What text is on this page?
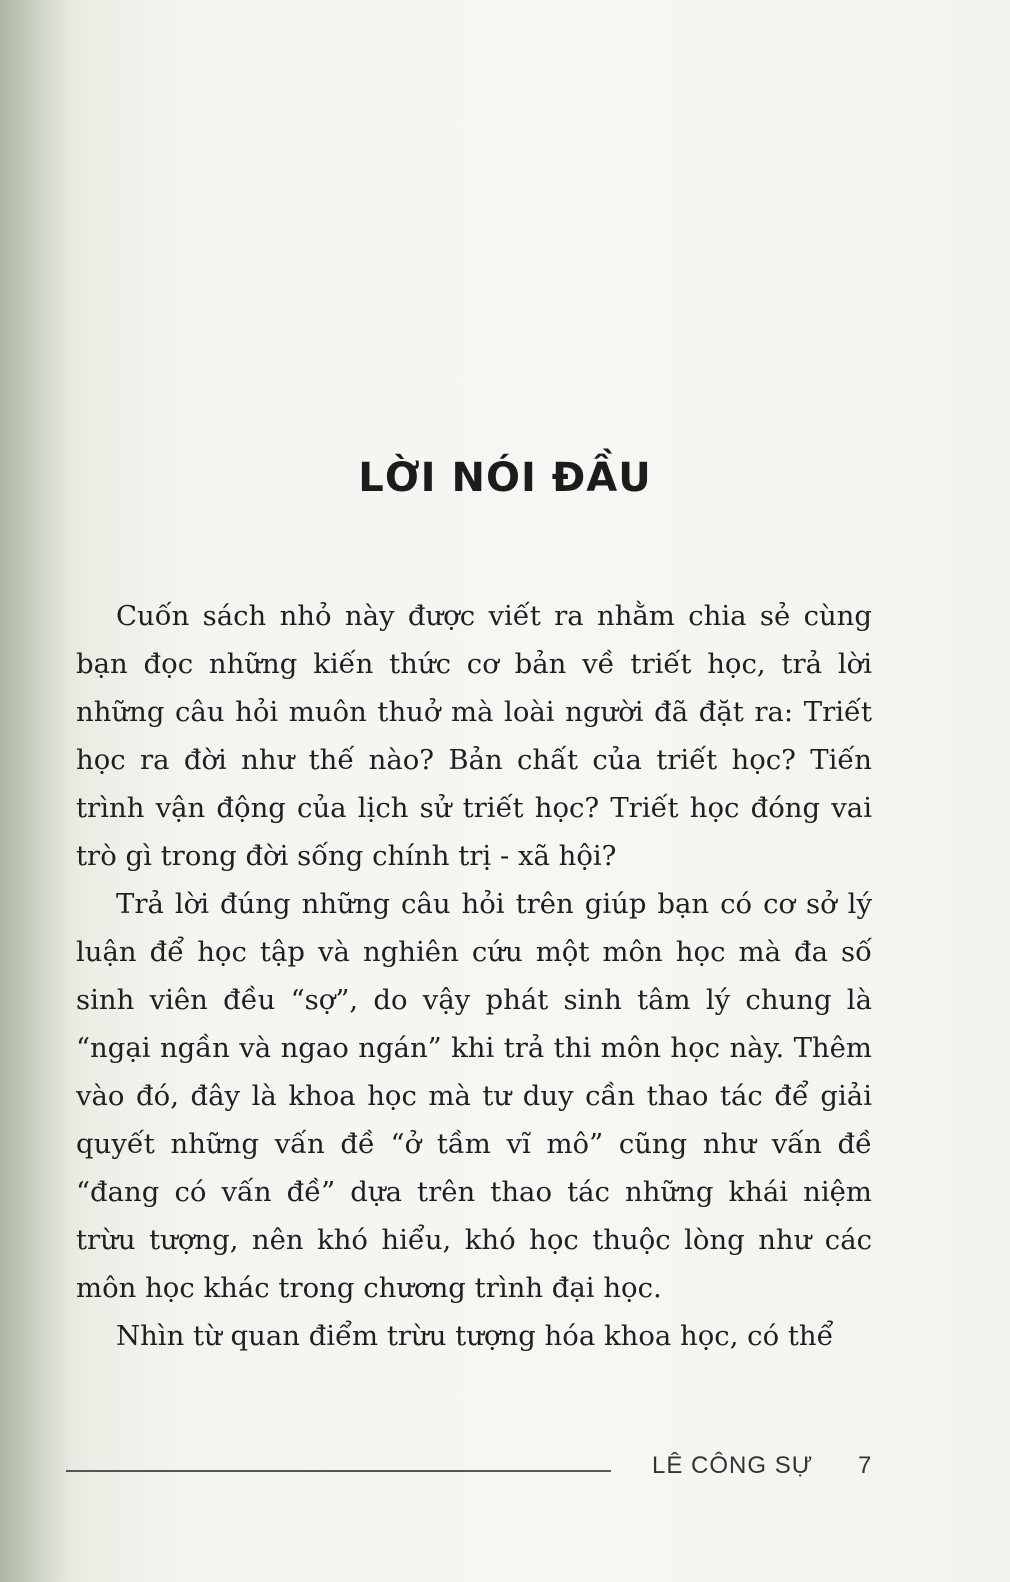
LỜI NÓI ĐẦU

Cuốn sách nhỏ này được viết ra nhằm chia sẻ cùng bạn đọc những kiến thức cơ bản về triết học, trả lời những câu hỏi muôn thuở mà loài người đã đặt ra: Triết học ra đời như thế nào? Bản chất của triết học? Tiến trình vận động của lịch sử triết học? Triết học đóng vai trò gì trong đời sống chính trị - xã hội?

Trả lời đúng những câu hỏi trên giúp bạn có cơ sở lý luận để học tập và nghiên cứu một môn học mà đa số sinh viên đều “sợ”, do vậy phát sinh tâm lý chung là “ngại ngần và ngao ngán” khi trả thi môn học này. Thêm vào đó, đây là khoa học mà tư duy cần thao tác để giải quyết những vấn đề “ở tầm vĩ mô” cũng như vấn đề “đang có vấn đề” dựa trên thao tác những khái niệm trừu tượng, nên khó hiểu, khó học thuộc lòng như các môn học khác trong chương trình đại học.

Nhìn từ quan điểm trừu tượng hóa khoa học, có thể

LÊ CÔNG SỰ 7
